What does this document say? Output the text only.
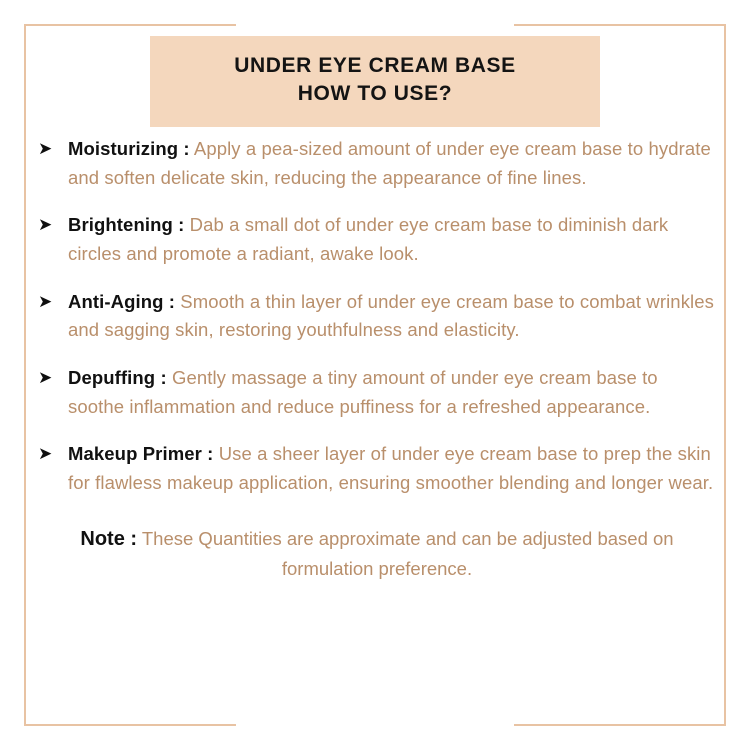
UNDER EYE CREAM BASE
HOW TO USE?
➤ Moisturizing : Apply a pea-sized amount of under eye cream base to hydrate and soften delicate skin, reducing the appearance of fine lines.
➤ Brightening : Dab a small dot of under eye cream base to diminish dark circles and promote a radiant, awake look.
➤ Anti-Aging : Smooth a thin layer of under eye cream base to combat wrinkles and sagging skin, restoring youthfulness and elasticity.
➤ Depuffing : Gently massage a tiny amount of under eye cream base to soothe inflammation and reduce puffiness for a refreshed appearance.
➤ Makeup Primer : Use a sheer layer of under eye cream base to prep the skin for flawless makeup application, ensuring smoother blending and longer wear.
Note : These Quantities are approximate and can be adjusted based on formulation preference.
